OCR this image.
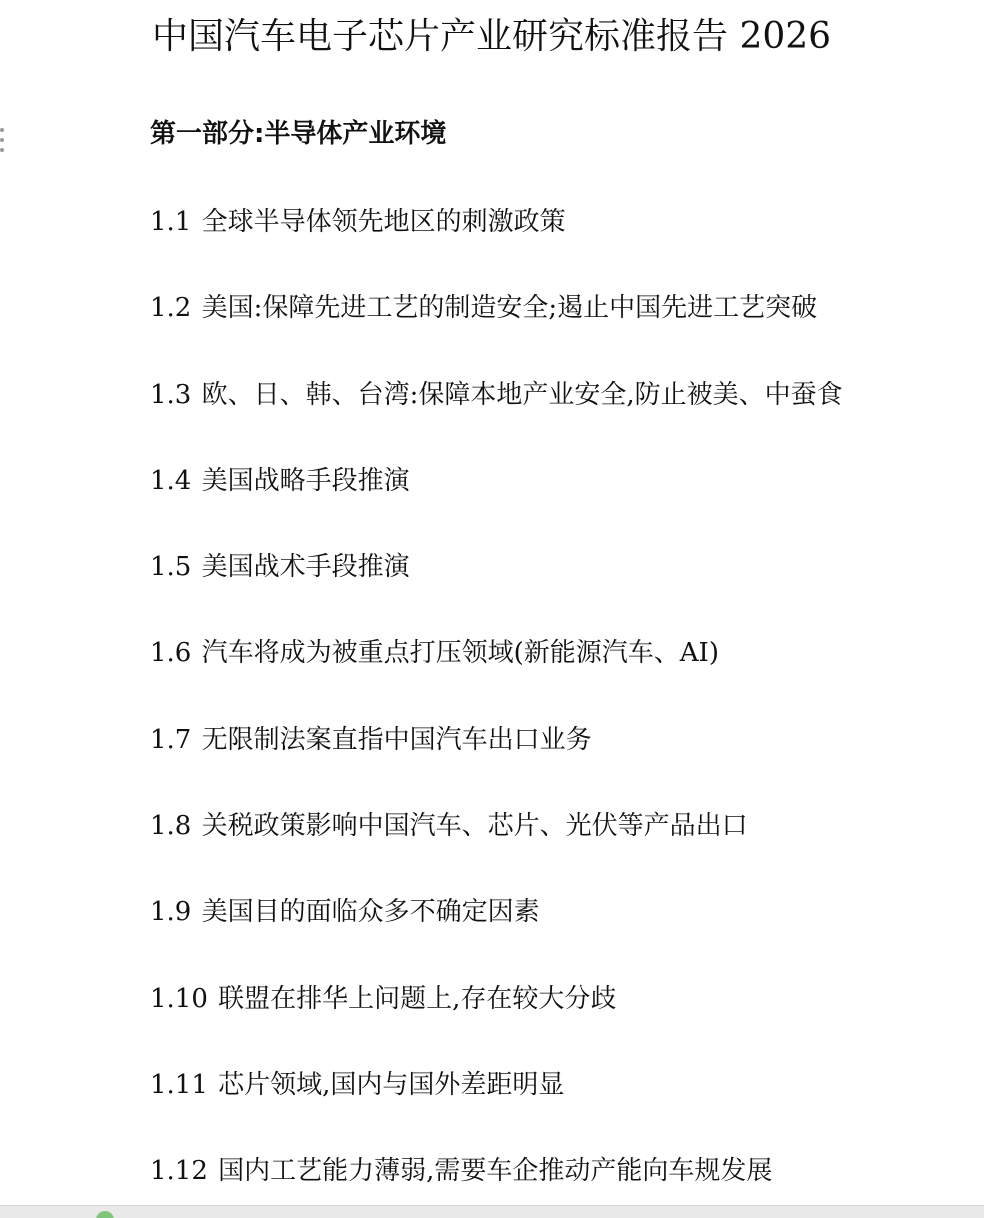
中国汽车电子芯片产业研究标准报告 2026
第一部分:半导体产业环境
1.1 全球半导体领先地区的刺激政策
1.2 美国:保障先进工艺的制造安全;遏止中国先进工艺突破
1.3 欧、日、韩、台湾:保障本地产业安全,防止被美、中蚕食
1.4 美国战略手段推演
1.5 美国战术手段推演
1.6 汽车将成为被重点打压领域(新能源汽车、AI)
1.7 无限制法案直指中国汽车出口业务
1.8 关税政策影响中国汽车、芯片、光伏等产品出口
1.9 美国目的面临众多不确定因素
1.10 联盟在排华上问题上,存在较大分歧
1.11 芯片领域,国内与国外差距明显
1.12 国内工艺能力薄弱,需要车企推动产能向车规发展
